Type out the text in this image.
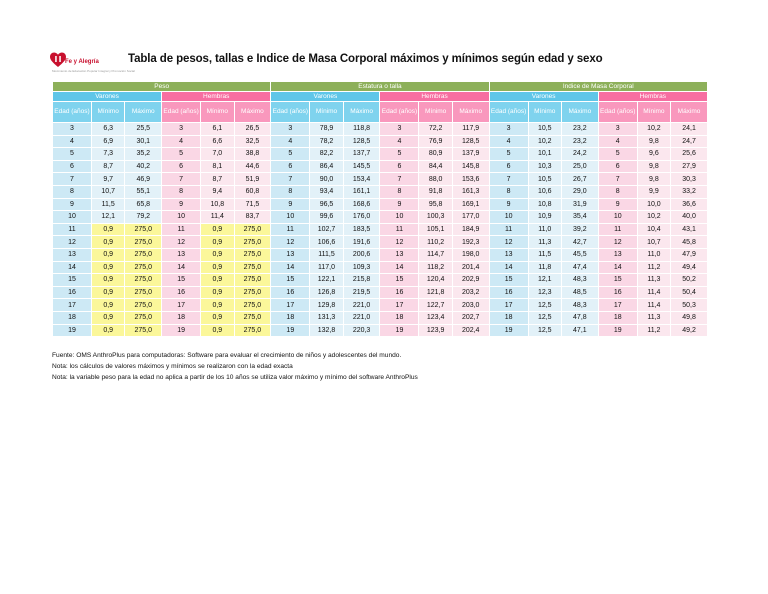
Fe y Alegría
Movimiento de Educación Popular Integral y Promoción Social
Tabla de pesos, tallas e Indice de Masa Corporal máximos y mínimos según edad y sexo
Peso						Estatura o talla						Indice de Masa Corporal					
Varones			Hembras			Varones			Hembras			Varones			Hembras		
Edad (años)	Mínimo	Máximo	Edad (años)	Mínimo	Máximo	Edad (años)	Mínimo	Máximo	Edad (años)	Mínimo	Máximo	Edad (años)	Mínimo	Máximo	Edad (años)	Mínimo	Máximo
3	6,3	25,5	3	6,1	26,5	3	78,9	118,8	3	72,2	117,9	3	10,5	23,2	3	10,2	24,1
4	6,9	30,1	4	6,6	32,5	4	78,2	128,5	4	76,9	128,5	4	10,2	23,2	4	9,8	24,7
5	7,3	35,2	5	7,0	38,8	5	82,2	137,7	5	80,9	137,9	5	10,1	24,2	5	9,6	25,6
6	8,7	40,2	6	8,1	44,6	6	86,4	145,5	6	84,4	145,8	6	10,3	25,0	6	9,8	27,9
7	9,7	46,9	7	8,7	51,9	7	90,0	153,4	7	88,0	153,6	7	10,5	26,7	7	9,8	30,3
8	10,7	55,1	8	9,4	60,8	8	93,4	161,1	8	91,8	161,3	8	10,6	29,0	8	9,9	33,2
9	11,5	65,8	9	10,8	71,5	9	96,5	168,6	9	95,8	169,1	9	10,8	31,9	9	10,0	36,6
10	12,1	79,2	10	11,4	83,7	10	99,6	176,0	10	100,3	177,0	10	10,9	35,4	10	10,2	40,0
11	0,9	275,0	11	0,9	275,0	11	102,7	183,5	11	105,1	184,9	11	11,0	39,2	11	10,4	43,1
12	0,9	275,0	12	0,9	275,0	12	106,6	191,6	12	110,2	192,3	12	11,3	42,7	12	10,7	45,8
13	0,9	275,0	13	0,9	275,0	13	111,5	200,6	13	114,7	198,0	13	11,5	45,5	13	11,0	47,9
14	0,9	275,0	14	0,9	275,0	14	117,0	109,3	14	118,2	201,4	14	11,8	47,4	14	11,2	49,4
15	0,9	275,0	15	0,9	275,0	15	122,1	215,8	15	120,4	202,9	15	12,1	48,3	15	11,3	50,2
16	0,9	275,0	16	0,9	275,0	16	126,8	219,5	16	121,8	203,2	16	12,3	48,5	16	11,4	50,4
17	0,9	275,0	17	0,9	275,0	17	129,8	221,0	17	122,7	203,0	17	12,5	48,3	17	11,4	50,3
18	0,9	275,0	18	0,9	275,0	18	131,3	221,0	18	123,4	202,7	18	12,5	47,8	18	11,3	49,8
19	0,9	275,0	19	0,9	275,0	19	132,8	220,3	19	123,9	202,4	19	12,5	47,1	19	11,2	49,2
Fuente: OMS AnthroPlus para computadoras: Software para evaluar el crecimiento de niños y adolescentes del mundo.
Nota: los cálculos de valores máximos y mínimos se realizaron con la edad exacta
Nota: la variable peso para la edad no aplica a partir de los 10 años se utiliza valor máximo y mínimo del software AnthroPlus
